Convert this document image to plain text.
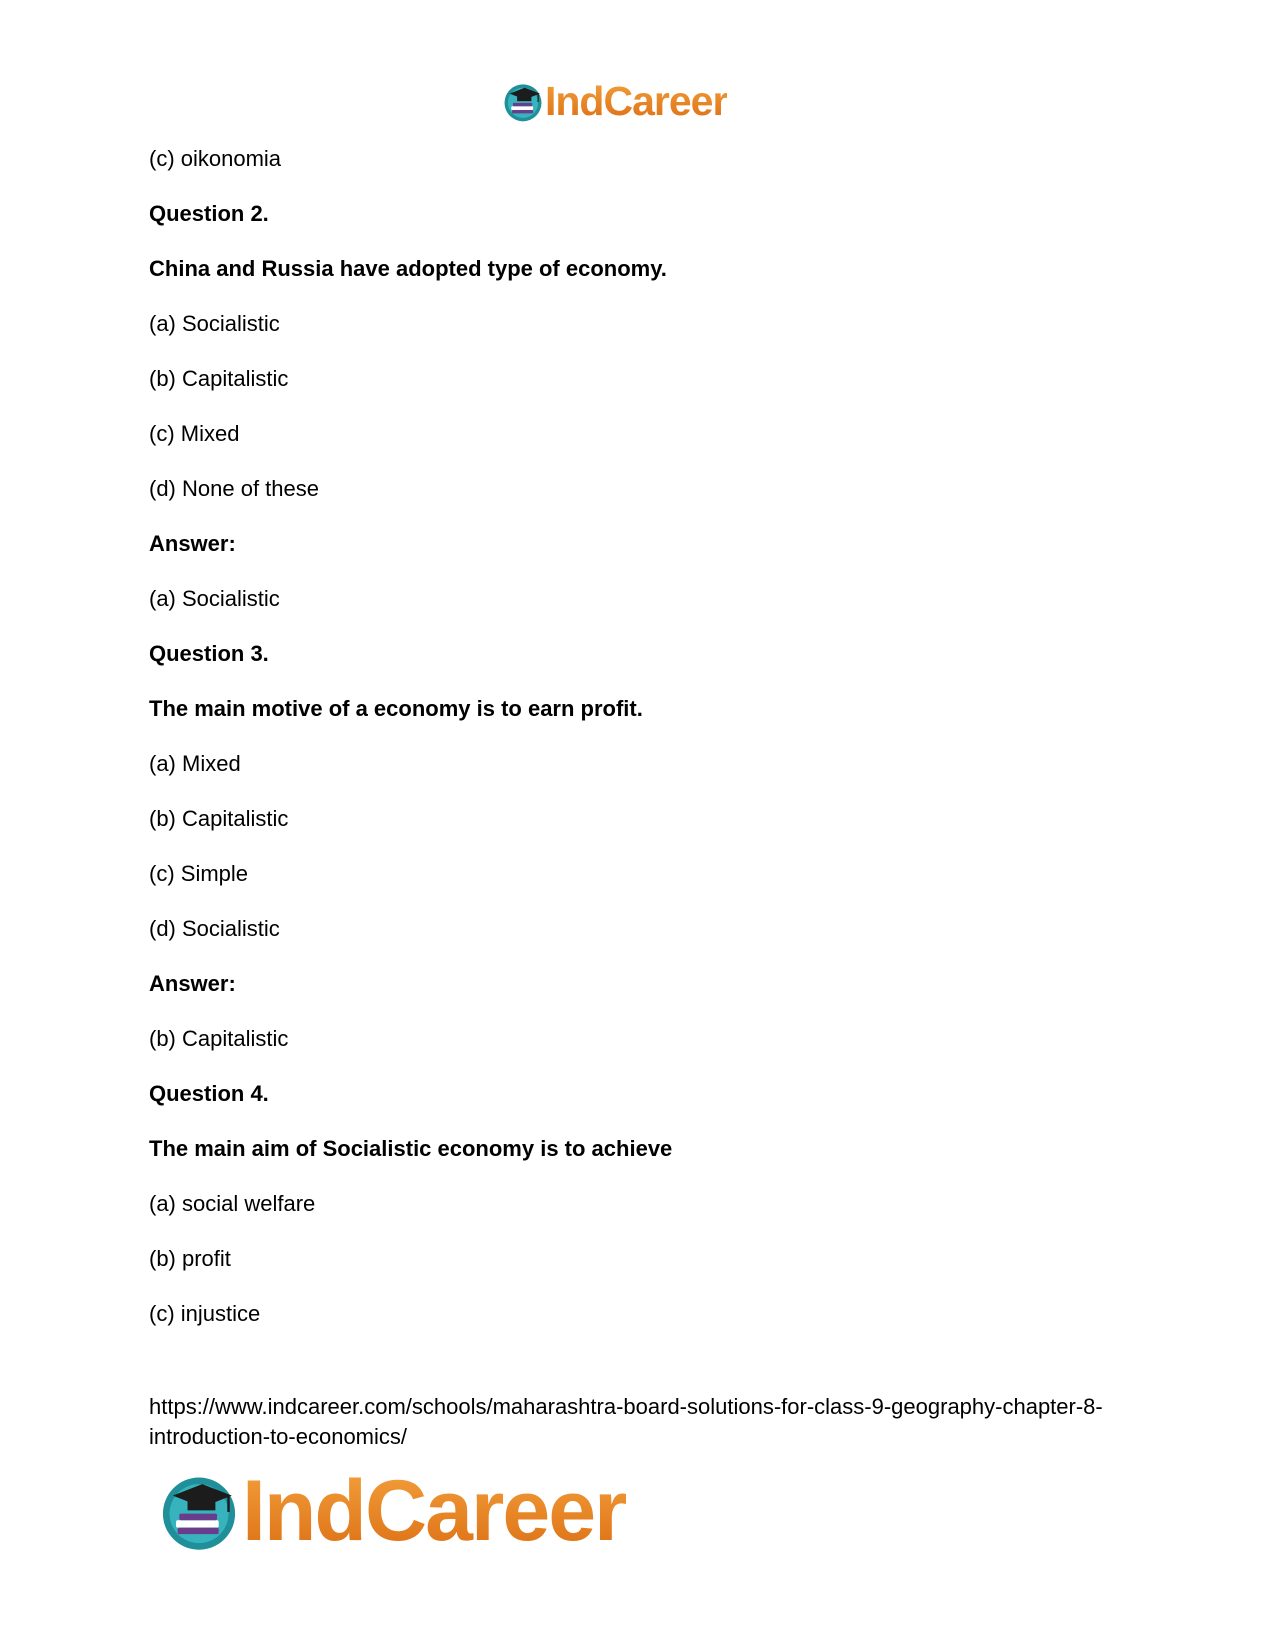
IndCareer
(c) oikonomia
Question 2.
China and Russia have adopted type of economy.
(a) Socialistic
(b) Capitalistic
(c) Mixed
(d) None of these
Answer:
(a) Socialistic
Question 3.
The main motive of a economy is to earn profit.
(a) Mixed
(b) Capitalistic
(c) Simple
(d) Socialistic
Answer:
(b) Capitalistic
Question 4.
The main aim of Socialistic economy is to achieve
(a) social welfare
(b) profit
(c) injustice
https://www.indcareer.com/schools/maharashtra-board-solutions-for-class-9-geography-chapter-8-introduction-to-economics/
IndCareer
